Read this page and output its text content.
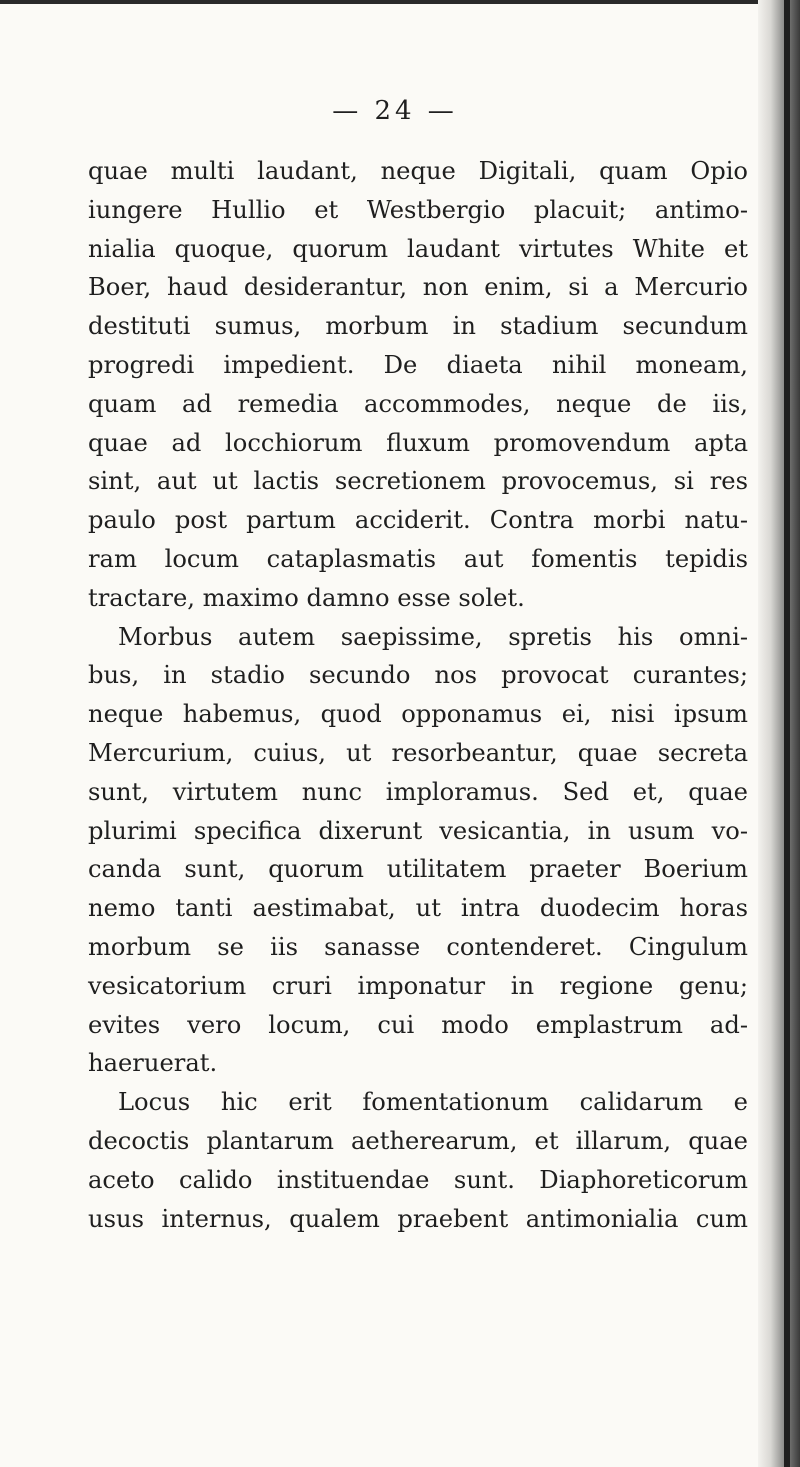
— 24 —
quae multi laudant, neque Digitali, quam Opio
iungere Hullio et Westbergio placuit; antimo-
nialia quoque, quorum laudant virtutes White et
Boer, haud desiderantur, non enim, si a Mercurio
destituti sumus, morbum in stadium secundum
progredi impedient. De diaeta nihil moneam,
quam ad remedia accommodes, neque de iis,
quae ad locchiorum fluxum promovendum apta
sint, aut ut lactis secretionem provocemus, si res
paulo post partum acciderit. Contra morbi natu-
ram locum cataplasmatis aut fomentis tepidis
tractare, maximo damno esse solet.
Morbus autem saepissime, spretis his omni-
bus, in stadio secundo nos provocat curantes;
neque habemus, quod opponamus ei, nisi ipsum
Mercurium, cuius, ut resorbeantur, quae secreta
sunt, virtutem nunc imploramus. Sed et, quae
plurimi specifica dixerunt vesicantia, in usum vo-
canda sunt, quorum utilitatem praeter Boerium
nemo tanti aestimabat, ut intra duodecim horas
morbum se iis sanasse contenderet. Cingulum
vesicatorium cruri imponatur in regione genu;
evites vero locum, cui modo emplastrum ad-
haeruerat.
Locus hic erit fomentationum calidarum e
decoctis plantarum aetherearum, et illarum, quae
aceto calido instituendae sunt. Diaphoreticorum
usus internus, qualem praebent antimonialia cum
